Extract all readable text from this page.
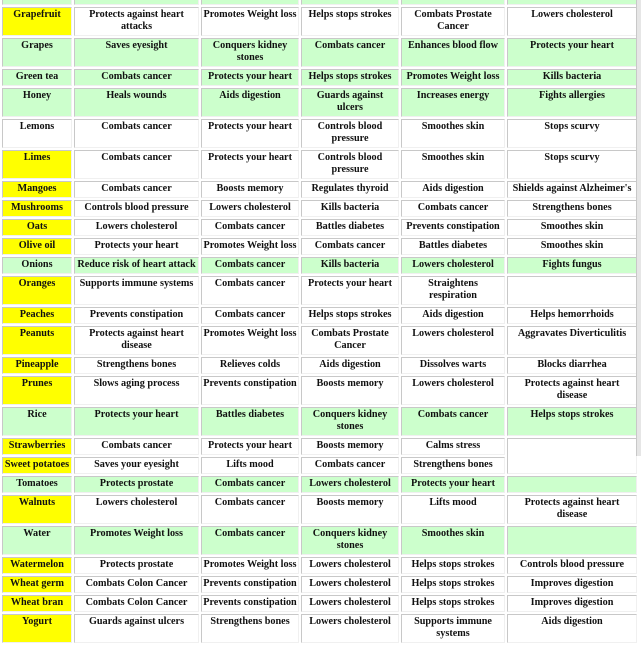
Grapefruit	Protects against heart attacks	Promotes Weight loss	Helps stops strokes	Combats Prostate Cancer	Lowers cholesterol
Grapes	Saves eyesight	Conquers kidney stones	Combats cancer	Enhances blood flow	Protects your heart
Green tea	Combats cancer	Protects your heart	Helps stops strokes	Promotes Weight loss	Kills bacteria
Honey	Heals wounds	Aids digestion	Guards against ulcers	Increases energy	Fights allergies
Lemons	Combats cancer	Protects your heart	Controls blood pressure	Smoothes skin	Stops scurvy
Limes	Combats cancer	Protects your heart	Controls blood pressure	Smoothes skin	Stops scurvy
Mangoes	Combats cancer	Boosts memory	Regulates thyroid	Aids digestion	Shields against Alzheimer's
Mushrooms	Controls blood pressure	Lowers cholesterol	Kills bacteria	Combats cancer	Strengthens bones
Oats	Lowers cholesterol	Combats cancer	Battles diabetes	Prevents constipation	Smoothes skin
Olive oil	Protects your heart	Promotes Weight loss	Combats cancer	Battles diabetes	Smoothes skin
Onions	Reduce risk of heart attack	Combats cancer	Kills bacteria	Lowers cholesterol	Fights fungus
Oranges	Supports immune systems	Combats cancer	Protects your heart	Straightens respiration	
Peaches	Prevents constipation	Combats cancer	Helps stops strokes	Aids digestion	Helps hemorrhoids
Peanuts	Protects against heart disease	Promotes Weight loss	Combats Prostate Cancer	Lowers cholesterol	Aggravates Diverticulitis
Pineapple	Strengthens bones	Relieves colds	Aids digestion	Dissolves warts	Blocks diarrhea
Prunes	Slows aging process	Prevents constipation	Boosts memory	Lowers cholesterol	Protects against heart disease
Rice	Protects your heart	Battles diabetes	Conquers kidney stones	Combats cancer	Helps stops strokes
Strawberries	Combats cancer	Protects your heart	Boosts memory	Calms stress	
Sweet potatoes	Saves your eyesight	Lifts mood	Combats cancer	Strengthens bones	
Tomatoes	Protects prostate	Combats cancer	Lowers cholesterol	Protects your heart	
Walnuts	Lowers cholesterol	Combats cancer	Boosts memory	Lifts mood	Protects against heart disease
Water	Promotes Weight loss	Combats cancer	Conquers kidney stones	Smoothes skin	
Watermelon	Protects prostate	Promotes Weight loss	Lowers cholesterol	Helps stops strokes	Controls blood pressure
Wheat germ	Combats Colon Cancer	Prevents constipation	Lowers cholesterol	Helps stops strokes	Improves digestion
Wheat bran	Combats Colon Cancer	Prevents constipation	Lowers cholesterol	Helps stops strokes	Improves digestion
Yogurt	Guards against ulcers	Strengthens bones	Lowers cholesterol	Supports immune systems	Aids digestion
